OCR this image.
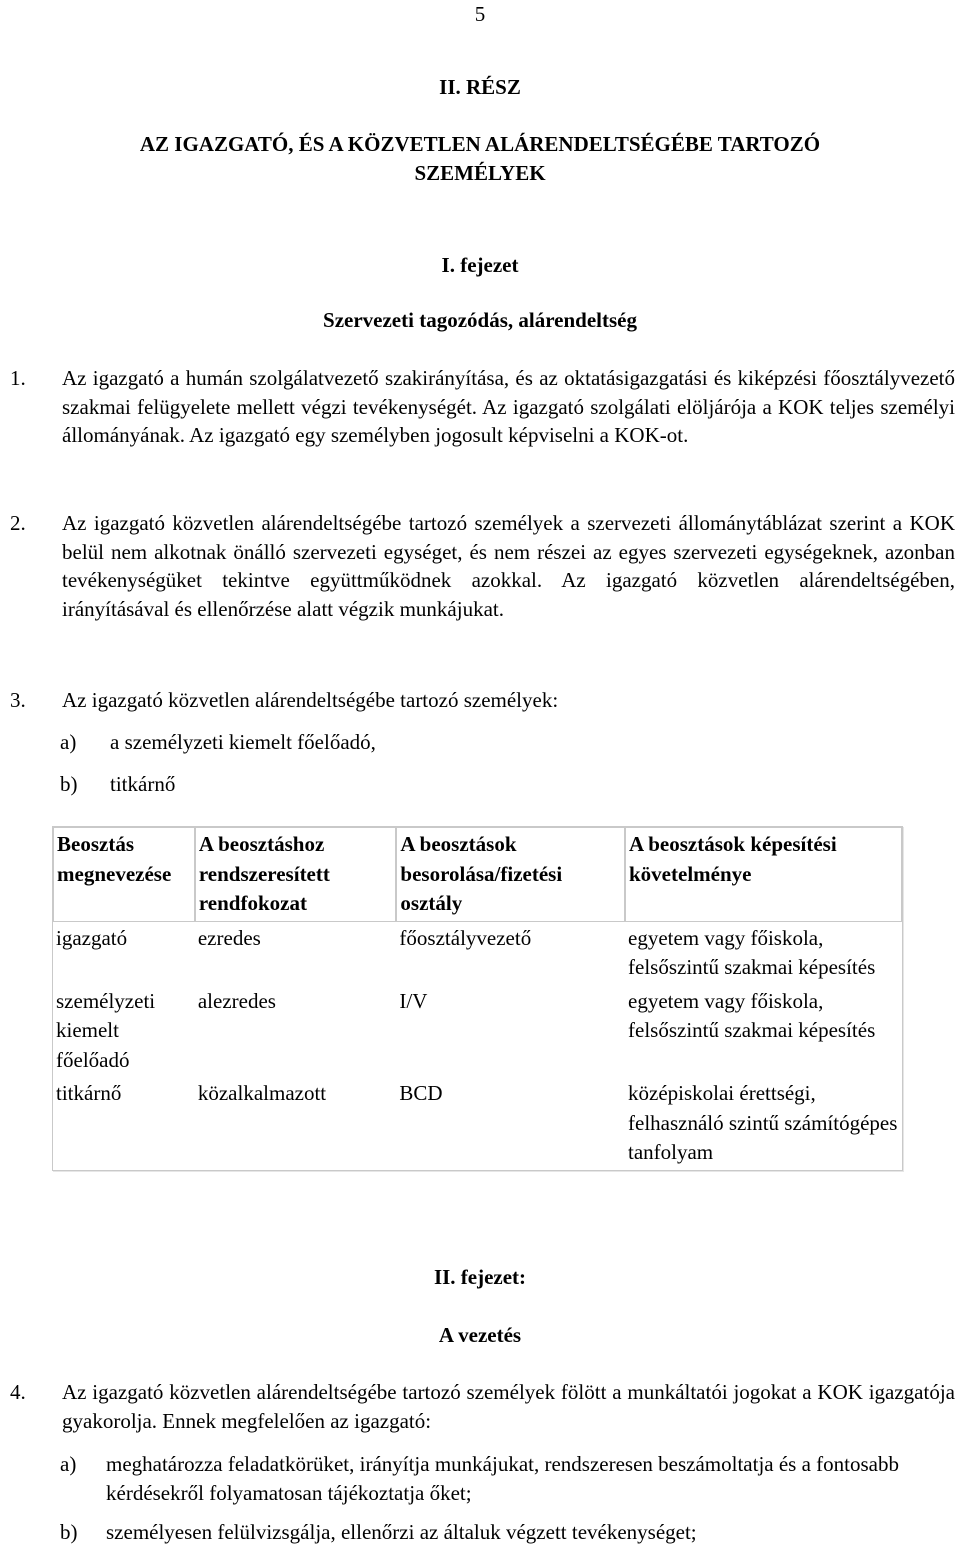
5
II. RÉSZ
AZ IGAZGATÓ, ÉS A KÖZVETLEN ALÁRENDELTSÉGÉBE TARTOZÓ
SZEMÉLYEK
I. fejezet
Szervezeti tagozódás, alárendeltség
1. Az igazgató a humán szolgálatvezető szakirányítása, és az oktatásigazgatási és kiképzési főosztályvezető szakmai felügyelete mellett végzi tevékenységét. Az igazgató szolgálati elöljárója a KOK teljes személyi állományának. Az igazgató egy személyben jogosult képviselni a KOK-ot.
2. Az igazgató közvetlen alárendeltségébe tartozó személyek a szervezeti állománytáblázat szerint a KOK belül nem alkotnak önálló szervezeti egységet, és nem részei az egyes szervezeti egységeknek, azonban tevékenységüket tekintve együttműködnek azokkal. Az igazgató közvetlen alárendeltségében, irányításával és ellenőrzése alatt végzik munkájukat.
3. Az igazgató közvetlen alárendeltségébe tartozó személyek:
a) a személyzeti kiemelt főelőadó,
b) titkárnő
Beosztás megnevezése	A beosztáshoz rendszeresített rendfokozat	A beosztások besorolása/fizetési osztály	A beosztások képesítési követelménye
igazgató	ezredes	főosztályvezető	egyetem vagy főiskola, felsőszintű szakmai képesítés
személyzeti kiemelt főelőadó	alezredes	I/V	egyetem vagy főiskola, felsőszintű szakmai képesítés
titkárnő	közalkalmazott	BCD	középiskolai érettségi, felhasználó szintű számítógépes tanfolyam
II. fejezet:
A vezetés
4. Az igazgató közvetlen alárendeltségébe tartozó személyek fölött a munkáltatói jogokat a KOK igazgatója gyakorolja. Ennek megfelelően az igazgató:
a) meghatározza feladatkörüket, irányítja munkájukat, rendszeresen beszámoltatja és a fontosabb kérdésekről folyamatosan tájékoztatja őket;
b) személyesen felülvizsgálja, ellenőrzi az általuk végzett tevékenységet;
